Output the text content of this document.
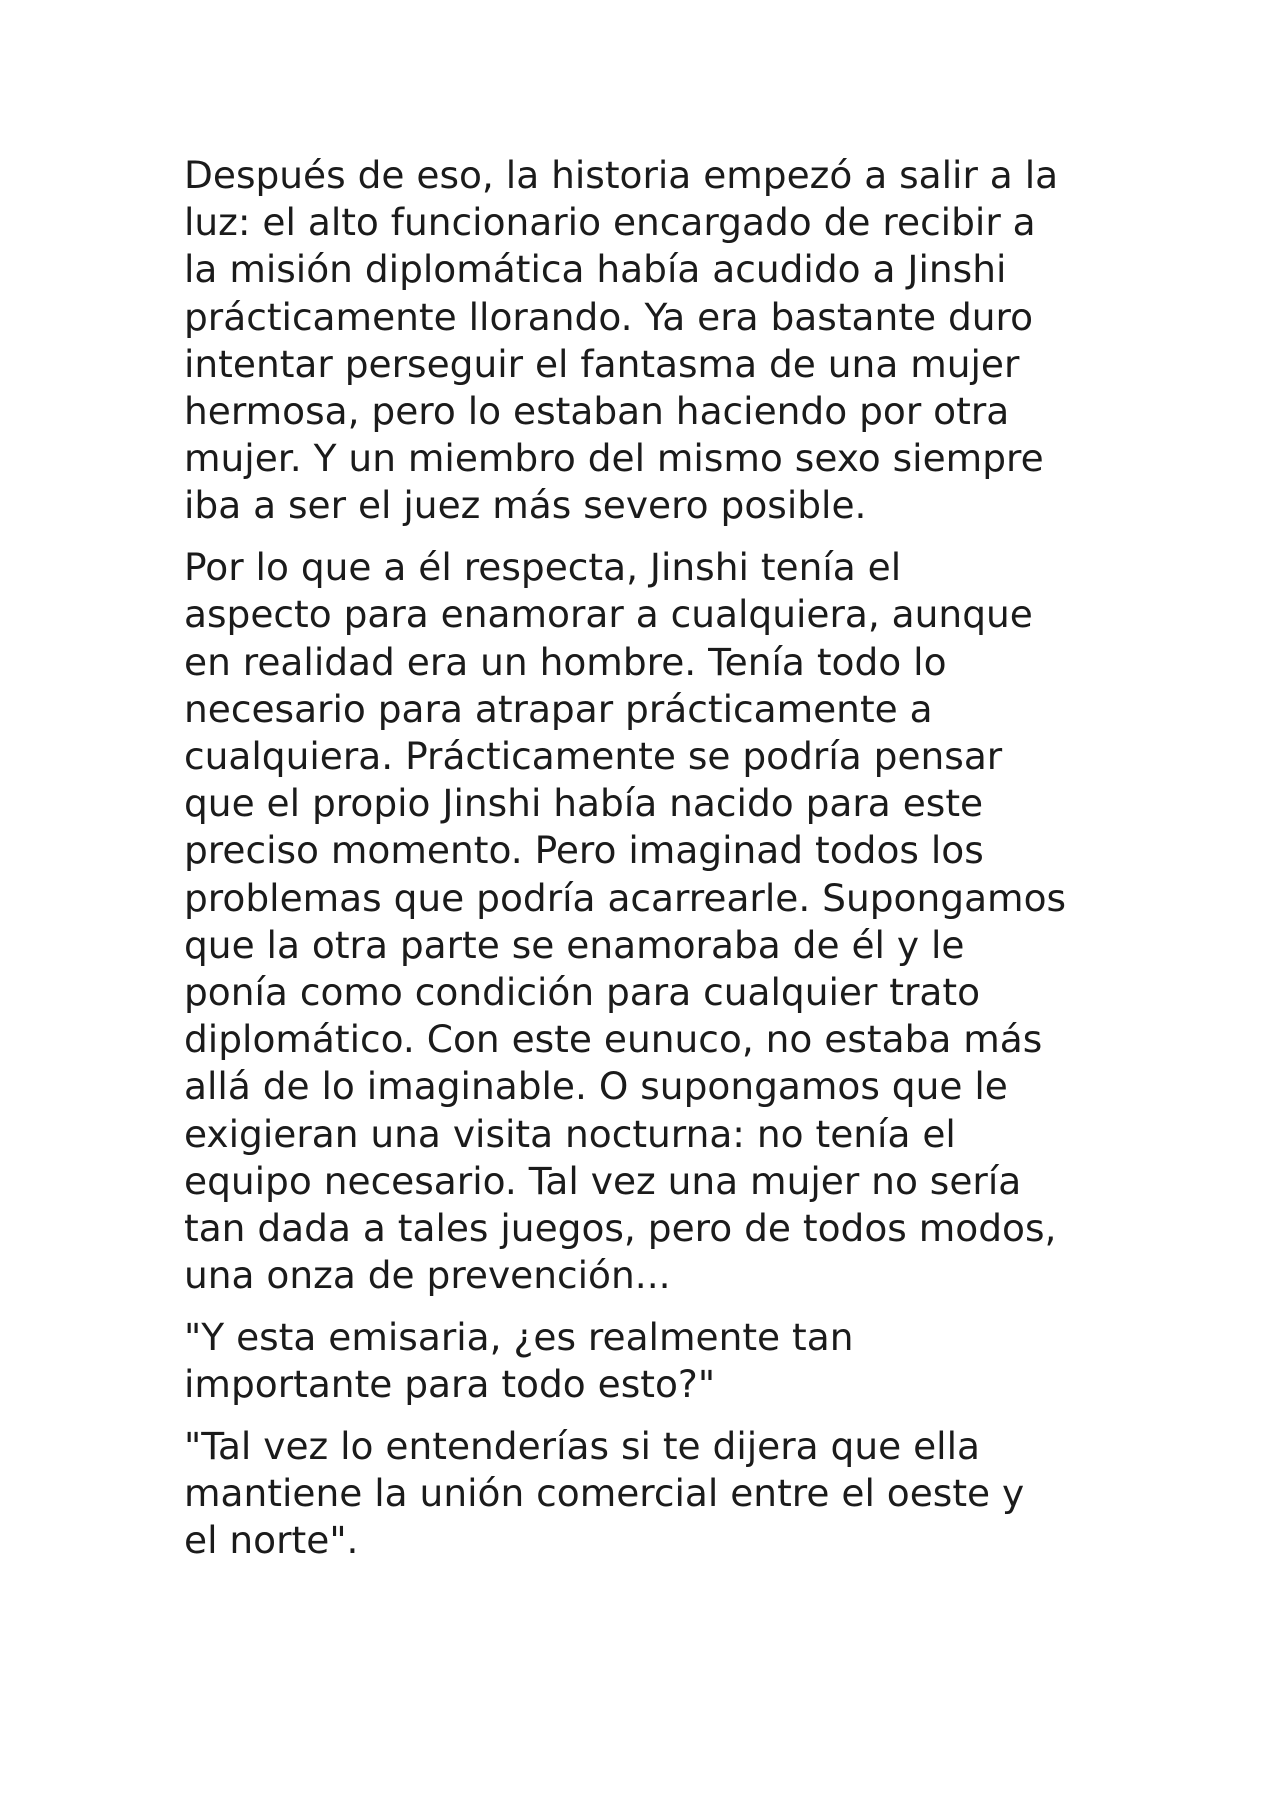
Después de eso, la historia empezó a salir a la
luz: el alto funcionario encargado de recibir a
la misión diplomática había acudido a Jinshi
prácticamente llorando. Ya era bastante duro
intentar perseguir el fantasma de una mujer
hermosa, pero lo estaban haciendo por otra
mujer. Y un miembro del mismo sexo siempre
iba a ser el juez más severo posible.

Por lo que a él respecta, Jinshi tenía el
aspecto para enamorar a cualquiera, aunque
en realidad era un hombre. Tenía todo lo
necesario para atrapar prácticamente a
cualquiera. Prácticamente se podría pensar
que el propio Jinshi había nacido para este
preciso momento. Pero imaginad todos los
problemas que podría acarrearle. Supongamos
que la otra parte se enamoraba de él y le
ponía como condición para cualquier trato
diplomático. Con este eunuco, no estaba más
allá de lo imaginable. O supongamos que le
exigieran una visita nocturna: no tenía el
equipo necesario. Tal vez una mujer no sería
tan dada a tales juegos, pero de todos modos,
una onza de prevención...

"Y esta emisaria, ¿es realmente tan
importante para todo esto?"

"Tal vez lo entenderías si te dijera que ella
mantiene la unión comercial entre el oeste y
el norte".
